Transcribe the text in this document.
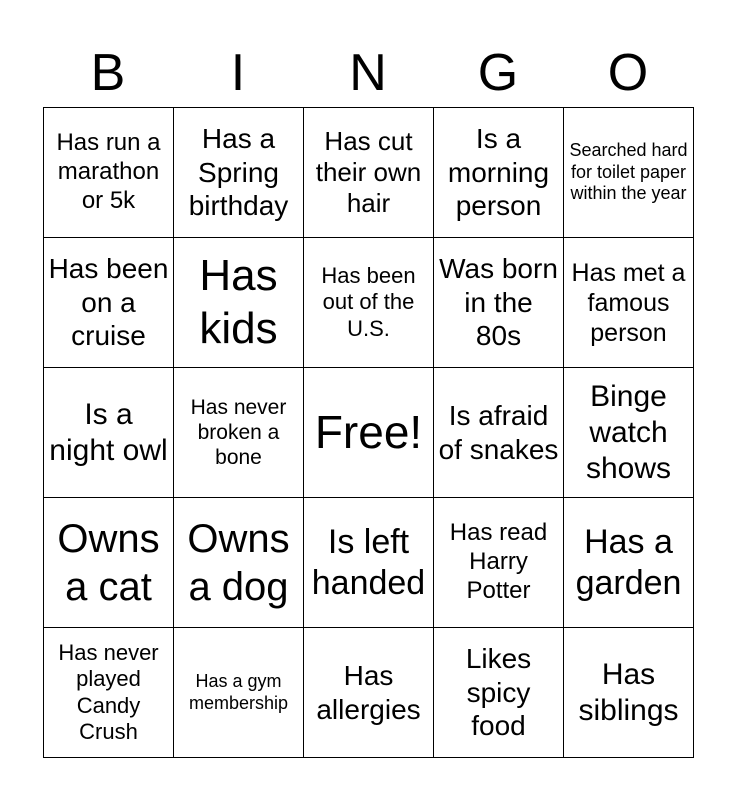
B	I	N	G	O
Has run a marathon or 5k	Has a Spring birthday	Has cut their own hair	Is a morning person	Searched hard for toilet paper within the year
Has been on a cruise	Has kids	Has been out of the U.S.	Was born in the 80s	Has met a famous person
Is a night owl	Has never broken a bone	Free!	Is afraid of snakes	Binge watch shows
Owns a cat	Owns a dog	Is left handed	Has read Harry Potter	Has a garden
Has never played Candy Crush	Has a gym membership	Has allergies	Likes spicy food	Has siblings
